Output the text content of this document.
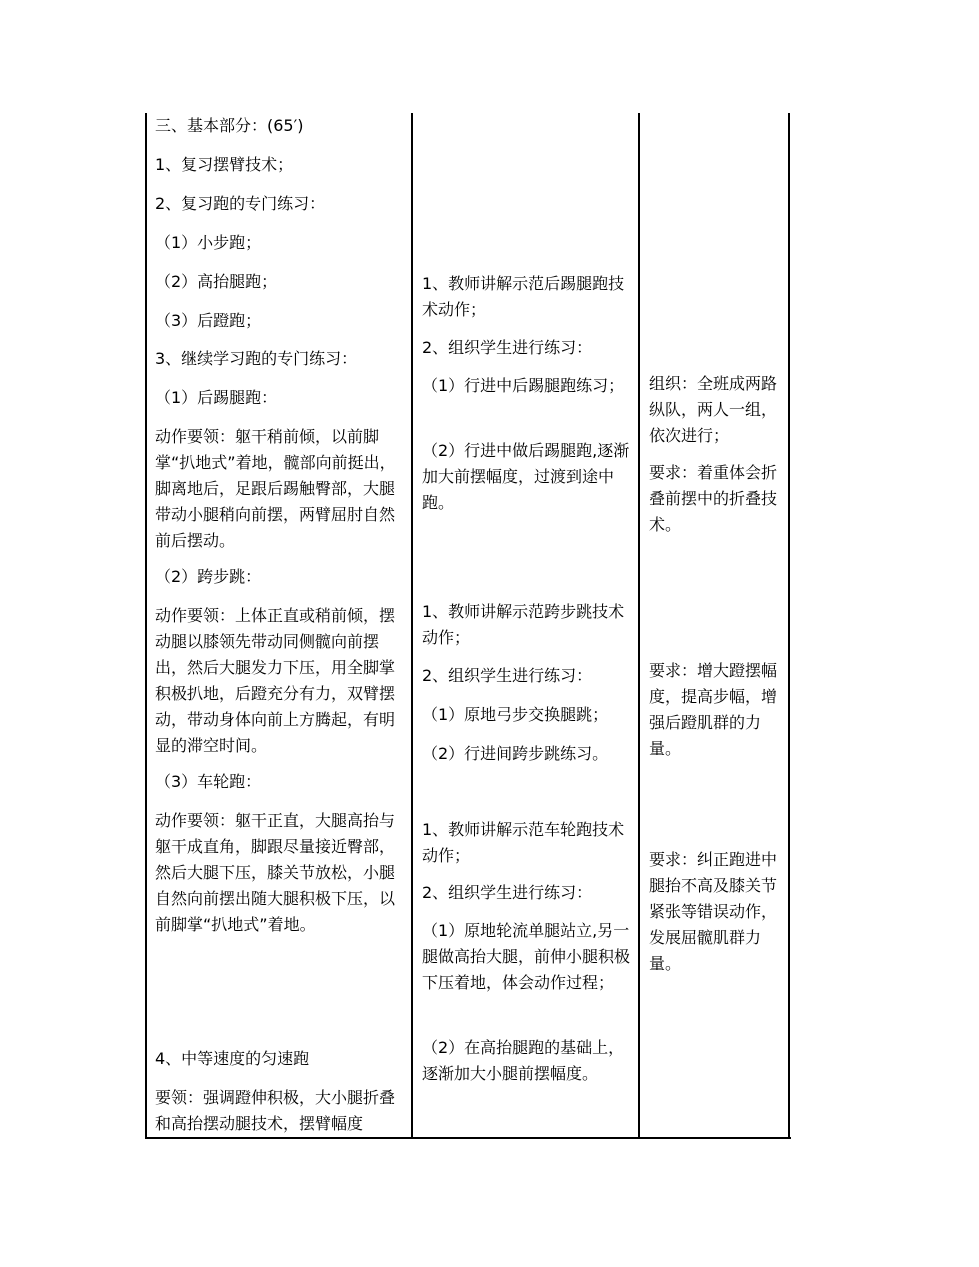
三、基本部分：(65′)
1、复习摆臂技术；
2、复习跑的专门练习：
（1）小步跑；
（2）高抬腿跑；
（3）后蹬跑；
3、继续学习跑的专门练习：
（1）后踢腿跑：
动作要领：躯干稍前倾，以前脚掌“扒地式”着地，髋部向前挺出，脚离地后，足跟后踢触臀部，大腿带动小腿稍向前摆，两臂屈肘自然前后摆动。
（2）跨步跳：
动作要领：上体正直或稍前倾，摆动腿以膝领先带动同侧髋向前摆出，然后大腿发力下压，用全脚掌积极扒地，后蹬充分有力，双臂摆动，带动身体向前上方腾起，有明显的滞空时间。
（3）车轮跑：
动作要领：躯干正直，大腿高抬与躯干成直角，脚跟尽量接近臀部，然后大腿下压，膝关节放松，小腿自然向前摆出随大腿积极下压，以前脚掌“扒地式”着地。
4、中等速度的匀速跑
要领：强调蹬伸积极，大小腿折叠和高抬摆动腿技术，摆臂幅度
1、教师讲解示范后踢腿跑技术动作；
2、组织学生进行练习：
（1）行进中后踢腿跑练习；
（2）行进中做后踢腿跑,逐渐加大前摆幅度，过渡到途中跑。
1、教师讲解示范跨步跳技术动作；
2、组织学生进行练习：
（1）原地弓步交换腿跳；
（2）行进间跨步跳练习。
1、教师讲解示范车轮跑技术动作；
2、组织学生进行练习：
（1）原地轮流单腿站立,另一腿做高抬大腿，前伸小腿积极下压着地，体会动作过程；
（2）在高抬腿跑的基础上，逐渐加大小腿前摆幅度。
组织：全班成两路纵队，两人一组，依次进行；
要求：着重体会折叠前摆中的折叠技术。
要求：增大蹬摆幅度，提高步幅，增强后蹬肌群的力量。
要求：纠正跑进中腿抬不高及膝关节紧张等错误动作，发展屈髋肌群力量。
